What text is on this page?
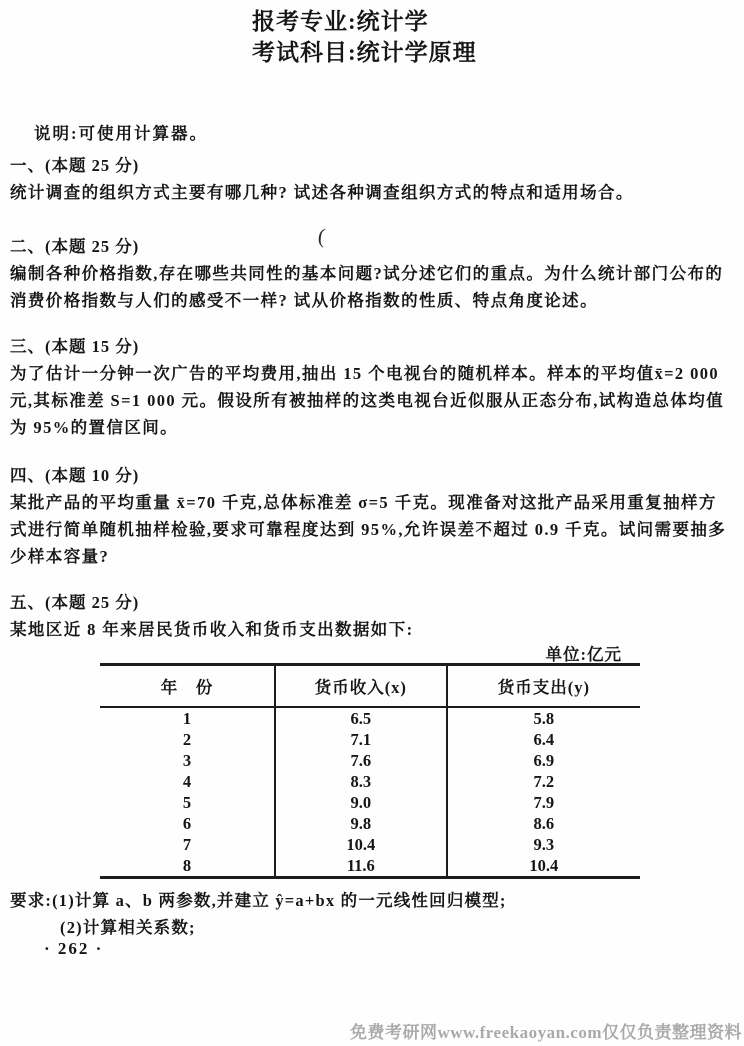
报考专业:统计学
考试科目:统计学原理
说明:可使用计算器。
一、(本题 25 分)
统计调查的组织方式主要有哪几种? 试述各种调查组织方式的特点和适用场合。
二、(本题 25 分)
编制各种价格指数,存在哪些共同性的基本问题?试分述它们的重点。为什么统计部门公布的
消费价格指数与人们的感受不一样? 试从价格指数的性质、特点角度论述。
三、(本题 15 分)
为了估计一分钟一次广告的平均费用,抽出 15 个电视台的随机样本。样本的平均值x̄=2 000
元,其标准差 S=1 000 元。假设所有被抽样的这类电视台近似服从正态分布,试构造总体均值
为 95%的置信区间。
四、(本题 10 分)
某批产品的平均重量 x̄=70 千克,总体标准差 σ=5 千克。现准备对这批产品采用重复抽样方
式进行简单随机抽样检验,要求可靠程度达到 95%,允许误差不超过 0.9 千克。试问需要抽多
少样本容量?
五、(本题 25 分)
某地区近 8 年来居民货币收入和货币支出数据如下:
单位:亿元
年　份	货币收入(x)	货币支出(y)
1	6.5	5.8
2	7.1	6.4
3	7.6	6.9
4	8.3	7.2
5	9.0	7.9
6	9.8	8.6
7	10.4	9.3
8	11.6	10.4
要求:(1)计算 a、b 两参数,并建立 ŷ=a+bx 的一元线性回归模型;
(2)计算相关系数;
· 262 ·
免费考研网www.freekaoyan.com仅仅负责整理资料
(
